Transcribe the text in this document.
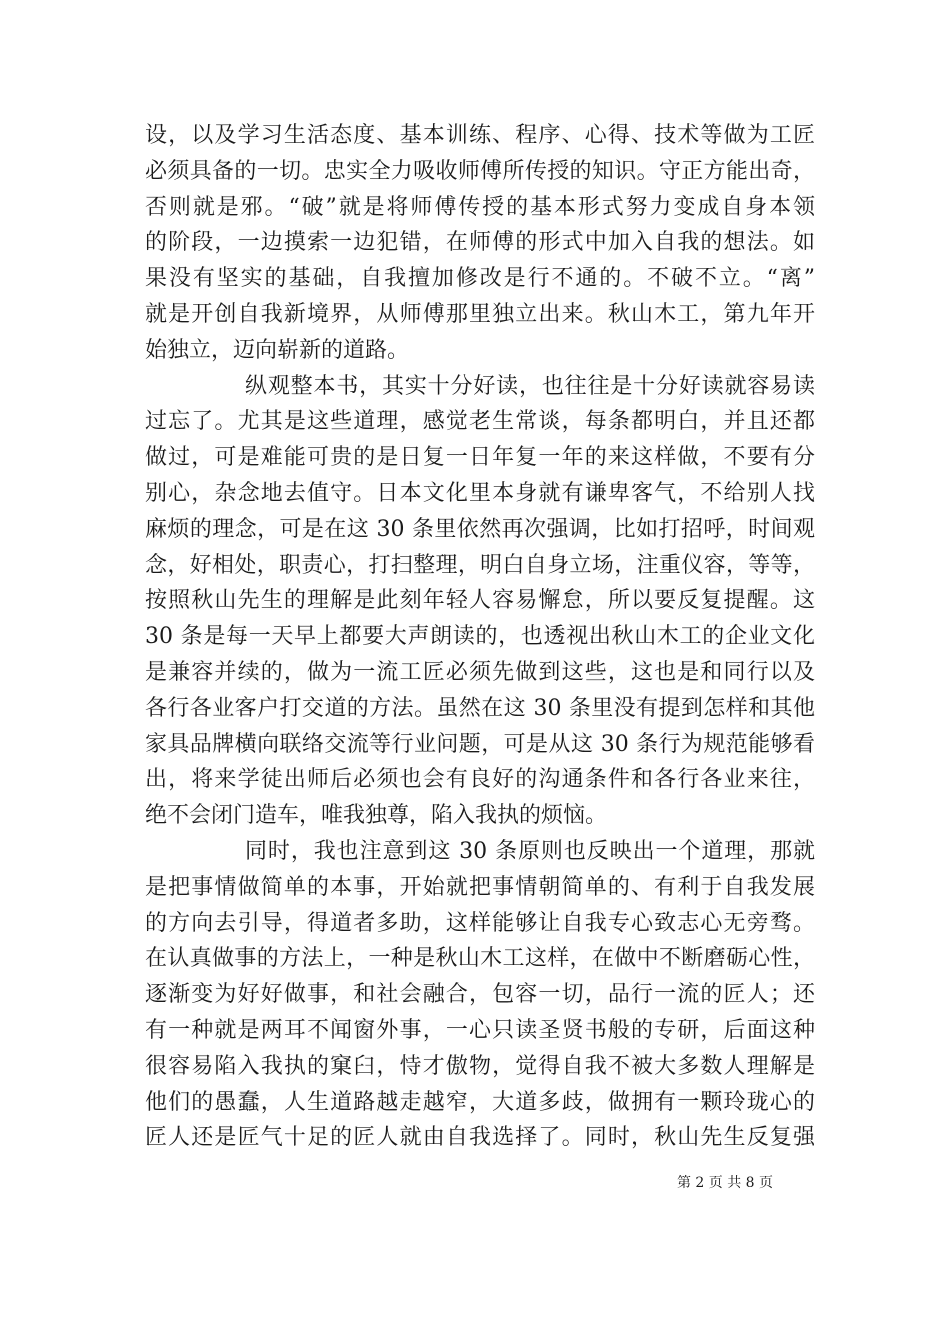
设，以及学习生活态度、基本训练、程序、心得、技术等做为工匠
必须具备的一切。忠实全力吸收师傅所传授的知识。守正方能出奇，
否则就是邪。“破”就是将师傅传授的基本形式努力变成自身本领
的阶段，一边摸索一边犯错，在师傅的形式中加入自我的想法。如
果没有坚实的基础，自我擅加修改是行不通的。不破不立。“离”
就是开创自我新境界，从师傅那里独立出来。秋山木工，第九年开
始独立，迈向崭新的道路。
纵观整本书，其实十分好读，也往往是十分好读就容易读
过忘了。尤其是这些道理，感觉老生常谈，每条都明白，并且还都
做过，可是难能可贵的是日复一日年复一年的来这样做，不要有分
别心，杂念地去值守。日本文化里本身就有谦卑客气，不给别人找
麻烦的理念，可是在这 30 条里依然再次强调，比如打招呼，时间观
念，好相处，职责心，打扫整理，明白自身立场，注重仪容，等等，
按照秋山先生的理解是此刻年轻人容易懈怠，所以要反复提醒。这
30 条是每一天早上都要大声朗读的，也透视出秋山木工的企业文化
是兼容并续的，做为一流工匠必须先做到这些，这也是和同行以及
各行各业客户打交道的方法。虽然在这 30 条里没有提到怎样和其他
家具品牌横向联络交流等行业问题，可是从这 30 条行为规范能够看
出，将来学徒出师后必须也会有良好的沟通条件和各行各业来往，
绝不会闭门造车，唯我独尊，陷入我执的烦恼。
同时，我也注意到这 30 条原则也反映出一个道理，那就
是把事情做简单的本事，开始就把事情朝简单的、有利于自我发展
的方向去引导，得道者多助，这样能够让自我专心致志心无旁骛。
在认真做事的方法上，一种是秋山木工这样，在做中不断磨砺心性，
逐渐变为好好做事，和社会融合，包容一切，品行一流的匠人；还
有一种就是两耳不闻窗外事，一心只读圣贤书般的专研，后面这种
很容易陷入我执的窠臼，恃才傲物，觉得自我不被大多数人理解是
他们的愚蠢，人生道路越走越窄，大道多歧，做拥有一颗玲珑心的
匠人还是匠气十足的匠人就由自我选择了。同时，秋山先生反复强
第 2 页 共 8 页
